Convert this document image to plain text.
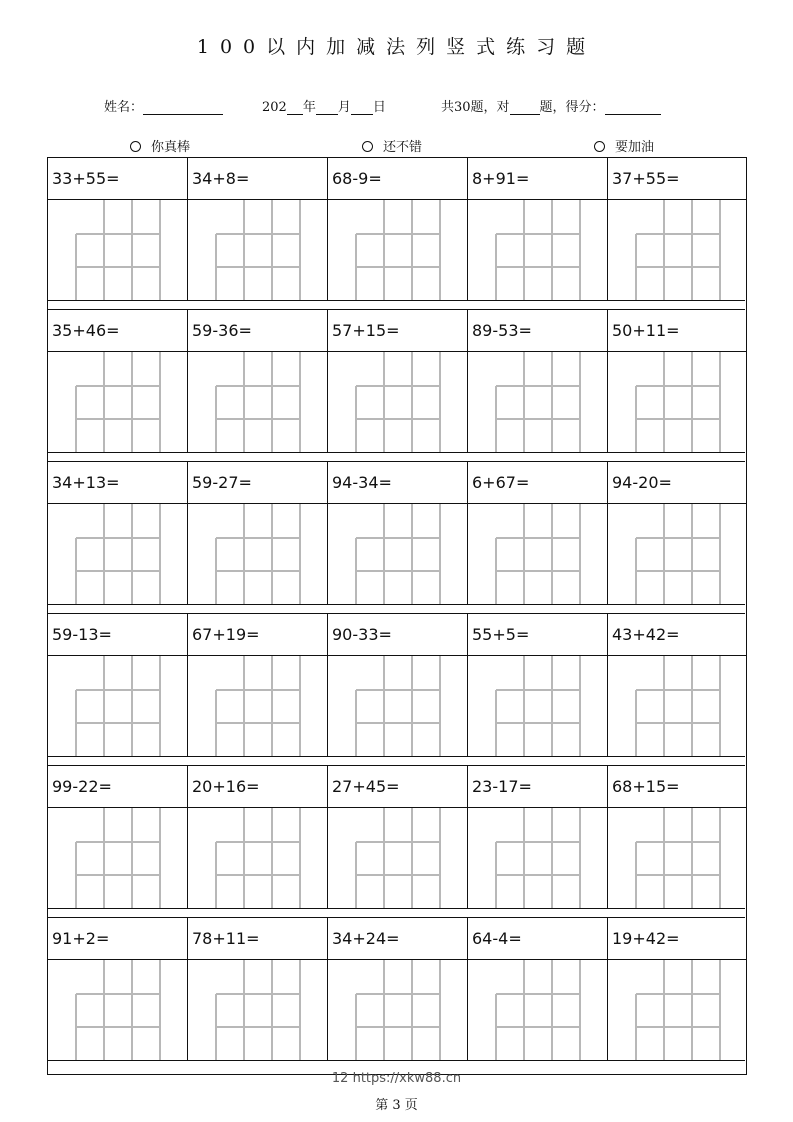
100以内加减法列竖式练习题
姓名：	202 年 月 日	共30题，对 题，得分：
你真棒	还不错	要加油
33+55=	34+8=	68-9=	8+91=	37+55=
35+46=	59-36=	57+15=	89-53=	50+11=
34+13=	59-27=	94-34=	6+67=	94-20=
59-13=	67+19=	90-33=	55+5=	43+42=
99-22=	20+16=	27+45=	23-17=	68+15=
91+2=	78+11=	34+24=	64-4=	19+42=
12 https://xkw88.cn
第 3 页
